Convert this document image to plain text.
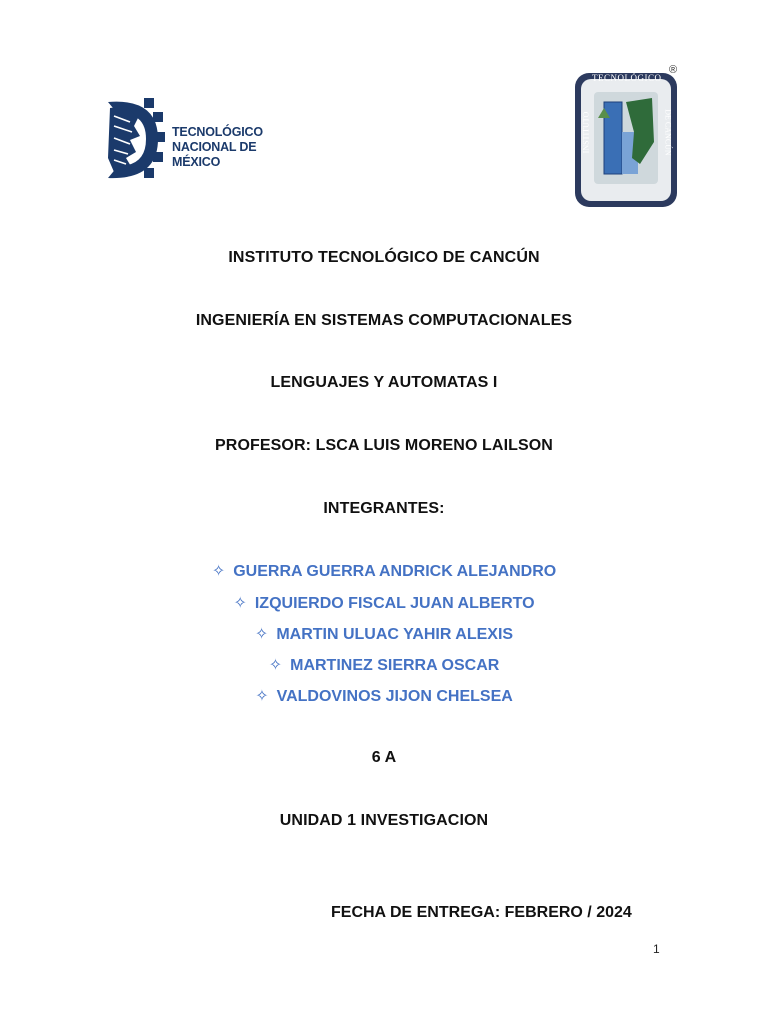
TECNOLÓGICO
NACIONAL DE MÉXICO
®
TECNOLÓGICO
INSTITUTO	DE CANCÚN
INSTITUTO TECNOLÓGICO DE CANCÚN
INGENIERÍA EN SISTEMAS COMPUTACIONALES
LENGUAJES Y AUTOMATAS I
PROFESOR: LSCA LUIS MORENO LAILSON
INTEGRANTES:
✧ GUERRA GUERRA ANDRICK ALEJANDRO
✧ IZQUIERDO FISCAL JUAN ALBERTO
✧ MARTIN ULUAC YAHIR ALEXIS
✧ MARTINEZ SIERRA OSCAR
✧ VALDOVINOS JIJON CHELSEA
6 A
UNIDAD 1 INVESTIGACION
FECHA DE ENTREGA: FEBRERO / 2024
1
